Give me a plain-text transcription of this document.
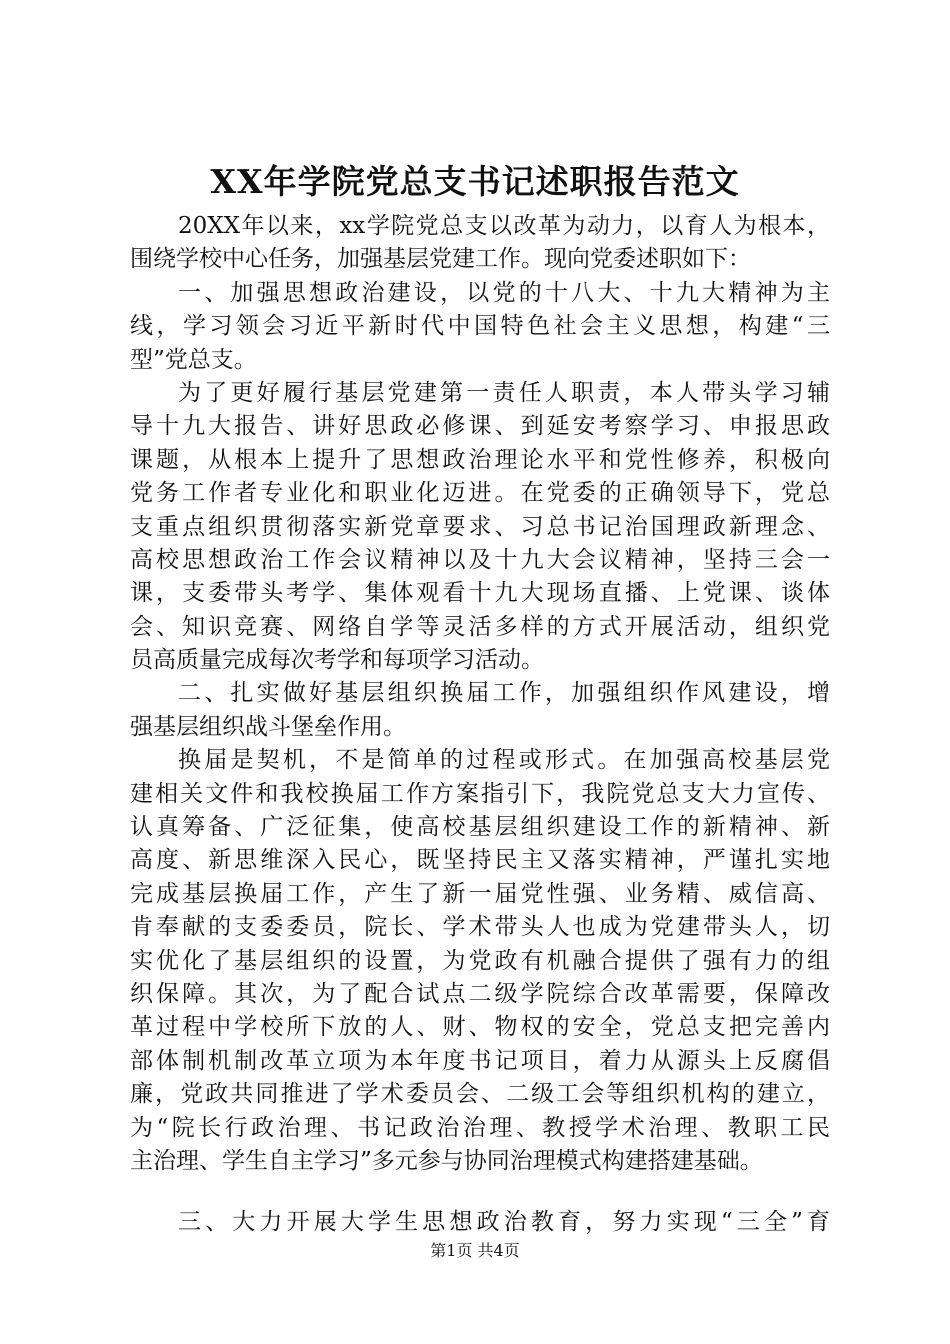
XX年学院党总支书记述职报告范文
20XX年以来，xx学院党总支以改革为动力，以育人为根本，
围绕学校中心任务，加强基层党建工作。现向党委述职如下：
一、加强思想政治建设，以党的十八大、十九大精神为主
线，学习领会习近平新时代中国特色社会主义思想，构建“三
型”党总支。
为了更好履行基层党建第一责任人职责，本人带头学习辅
导十九大报告、讲好思政必修课、到延安考察学习、申报思政
课题，从根本上提升了思想政治理论水平和党性修养，积极向
党务工作者专业化和职业化迈进。在党委的正确领导下，党总
支重点组织贯彻落实新党章要求、习总书记治国理政新理念、
高校思想政治工作会议精神以及十九大会议精神，坚持三会一
课，支委带头考学、集体观看十九大现场直播、上党课、谈体
会、知识竞赛、网络自学等灵活多样的方式开展活动，组织党
员高质量完成每次考学和每项学习活动。
二、扎实做好基层组织换届工作，加强组织作风建设，增
强基层组织战斗堡垒作用。
换届是契机，不是简单的过程或形式。在加强高校基层党
建相关文件和我校换届工作方案指引下，我院党总支大力宣传、
认真筹备、广泛征集，使高校基层组织建设工作的新精神、新
高度、新思维深入民心，既坚持民主又落实精神，严谨扎实地
完成基层换届工作，产生了新一届党性强、业务精、威信高、
肯奉献的支委委员，院长、学术带头人也成为党建带头人，切
实优化了基层组织的设置，为党政有机融合提供了强有力的组
织保障。其次，为了配合试点二级学院综合改革需要，保障改
革过程中学校所下放的人、财、物权的安全，党总支把完善内
部体制机制改革立项为本年度书记项目，着力从源头上反腐倡
廉，党政共同推进了学术委员会、二级工会等组织机构的建立，
为“院长行政治理、书记政治治理、教授学术治理、教职工民
主治理、学生自主学习”多元参与协同治理模式构建搭建基础。
三、大力开展大学生思想政治教育，努力实现“三全”育
第1页 共4页
